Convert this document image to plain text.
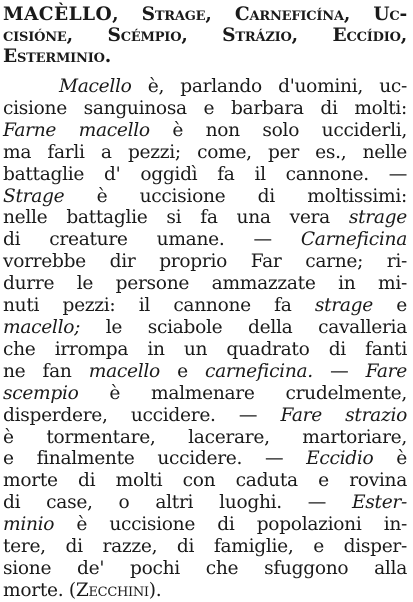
MACÈLLO, Strage, Carneficína, Uc-
cisióne, Scémpio, Strázio, Eccídio,
Esterminio.
Macello è, parlando d'uomini, uc-
cisione sanguinosa e barbara di molti:
Farne macello è non solo ucciderli,
ma farli a pezzi; come, per es., nelle
battaglie d' oggidì fa il cannone. —
Strage è uccisione di moltissimi:
nelle battaglie si fa una vera strage
di creature umane. — Carneficina
vorrebbe dir proprio Far carne; ri-
durre le persone ammazzate in mi-
nuti pezzi: il cannone fa strage e
macello; le sciabole della cavalleria
che irrompa in un quadrato di fanti
ne fan macello e carneficina. — Fare
scempio è malmenare crudelmente,
disperdere, uccidere. — Fare strazio
è tormentare, lacerare, martoriare,
e finalmente uccidere. — Eccidio è
morte di molti con caduta e rovina
di case, o altri luoghi. — Ester-
minio è uccisione di popolazioni in-
tere, di razze, di famiglie, e disper-
sione de' pochi che sfuggono alla
morte. (Zecchini).
